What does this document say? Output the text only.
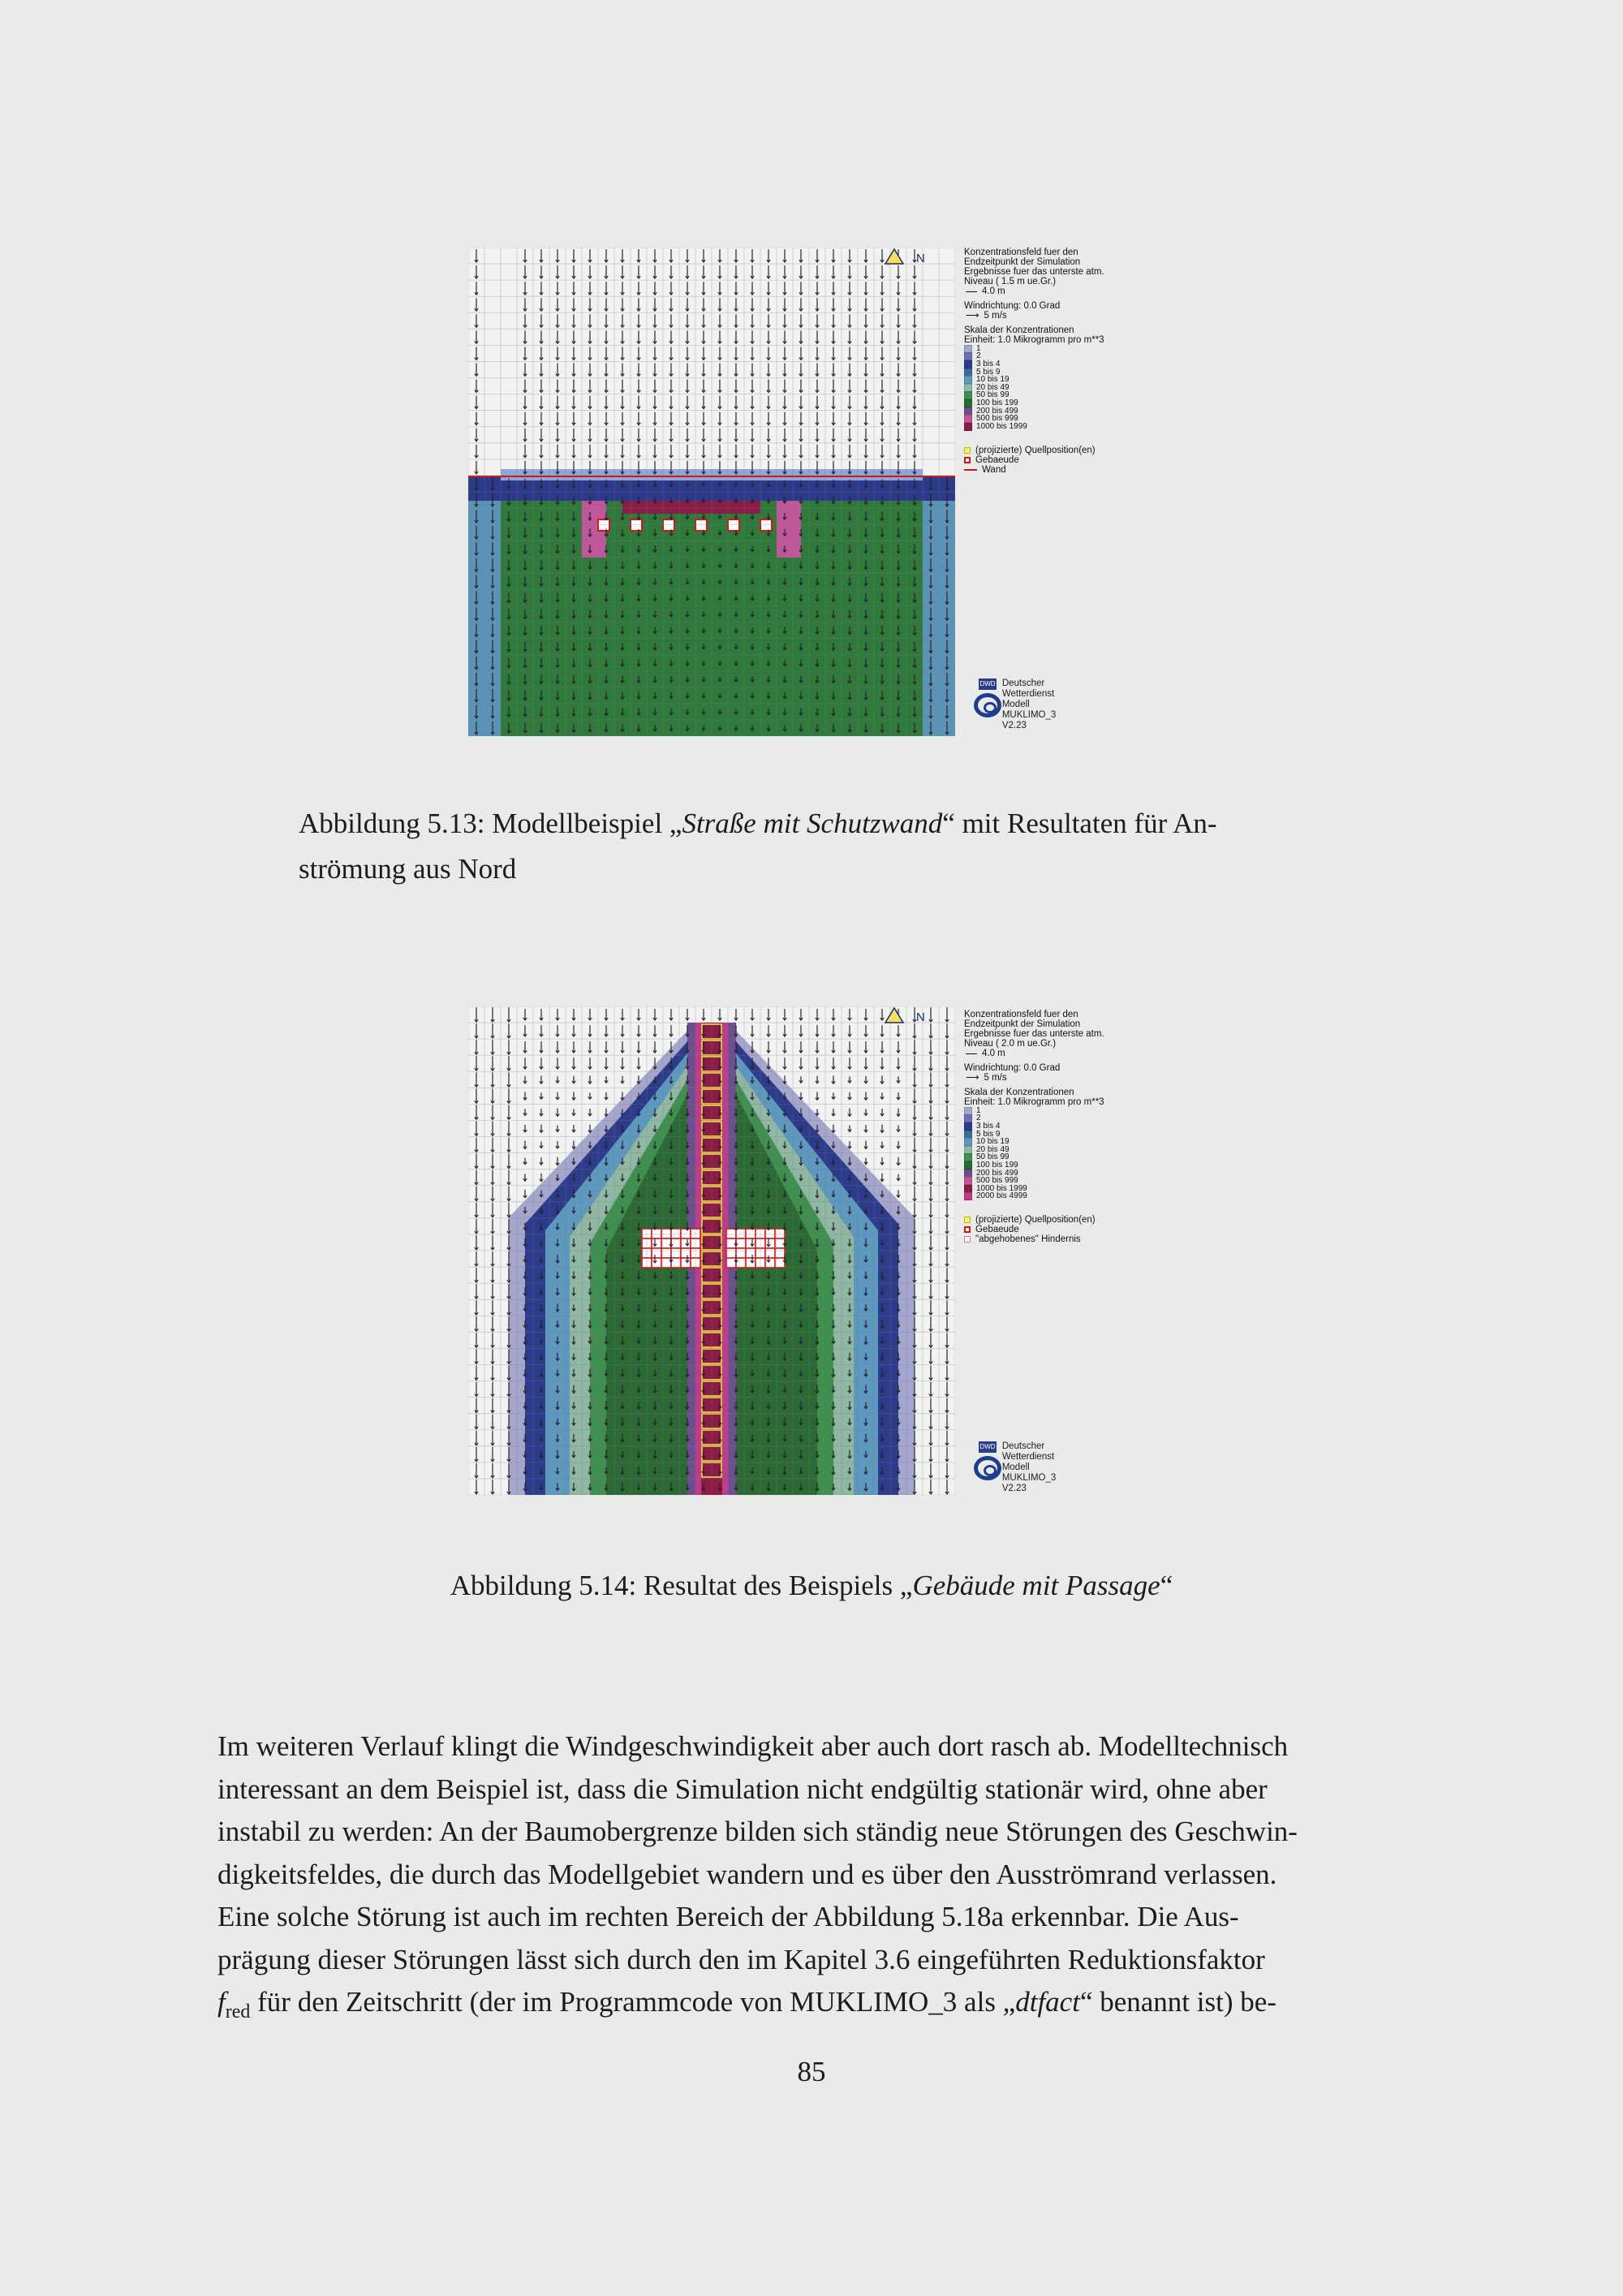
N	Konzentrationsfeld fuer den

Endzeitpunkt der Simulation

Ergebnisse fuer das unterste atm.

Niveau ( 1.5 m ue.Gr.)

4.0 m

Windrichtung: 0.0 Grad

⟶ 5 m/s

Skala der Konzentrationen

Einheit: 1.0 Mikrogramm pro m**3

1
2
3 bis 4
5 bis 9
10 bis 19
20 bis 49
50 bis 99
100 bis 199
200 bis 499
500 bis 999
1000 bis 1999
(projizierte) Quellposition(en)
Gebaeude
Wand
DWD Deutscher
Wetterdienst
Modell MUKLIMO_3
V2.23
Abbildung 5.13: Modellbeispiel „Straße mit Schutzwand“ mit Resultaten für An-
strömung aus Nord
N	Konzentrationsfeld fuer den

Endzeitpunkt der Simulation

Ergebnisse fuer das unterste atm.

Niveau ( 2.0 m ue.Gr.)

4.0 m

Windrichtung: 0.0 Grad

⟶ 5 m/s

Skala der Konzentrationen

Einheit: 1.0 Mikrogramm pro m**3

1
2
3 bis 4
5 bis 9
10 bis 19
20 bis 49
50 bis 99
100 bis 199
200 bis 499
500 bis 999
1000 bis 1999
2000 bis 4999
(projizierte) Quellposition(en)
Gebaeude
"abgehobenes" Hindernis
DWD Deutscher
Wetterdienst
Modell MUKLIMO_3
V2.23
Abbildung 5.14: Resultat des Beispiels „Gebäude mit Passage“

Im weiteren Verlauf klingt die Windgeschwindigkeit aber auch dort rasch ab. Modelltechnisch

interessant an dem Beispiel ist, dass die Simulation nicht endgültig stationär wird, ohne aber

instabil zu werden: An der Baumobergrenze bilden sich ständig neue Störungen des Geschwin-

digkeitsfeldes, die durch das Modellgebiet wandern und es über den Ausströmrand verlassen.

Eine solche Störung ist auch im rechten Bereich der Abbildung 5.18a erkennbar. Die Aus-

prägung dieser Störungen lässt sich durch den im Kapitel 3.6 eingeführten Reduktionsfaktor

$f_{red}$ für den Zeitschritt (der im Programmcode von MUKLIMO_3 als „dtfact“ benannt ist) be-

85
